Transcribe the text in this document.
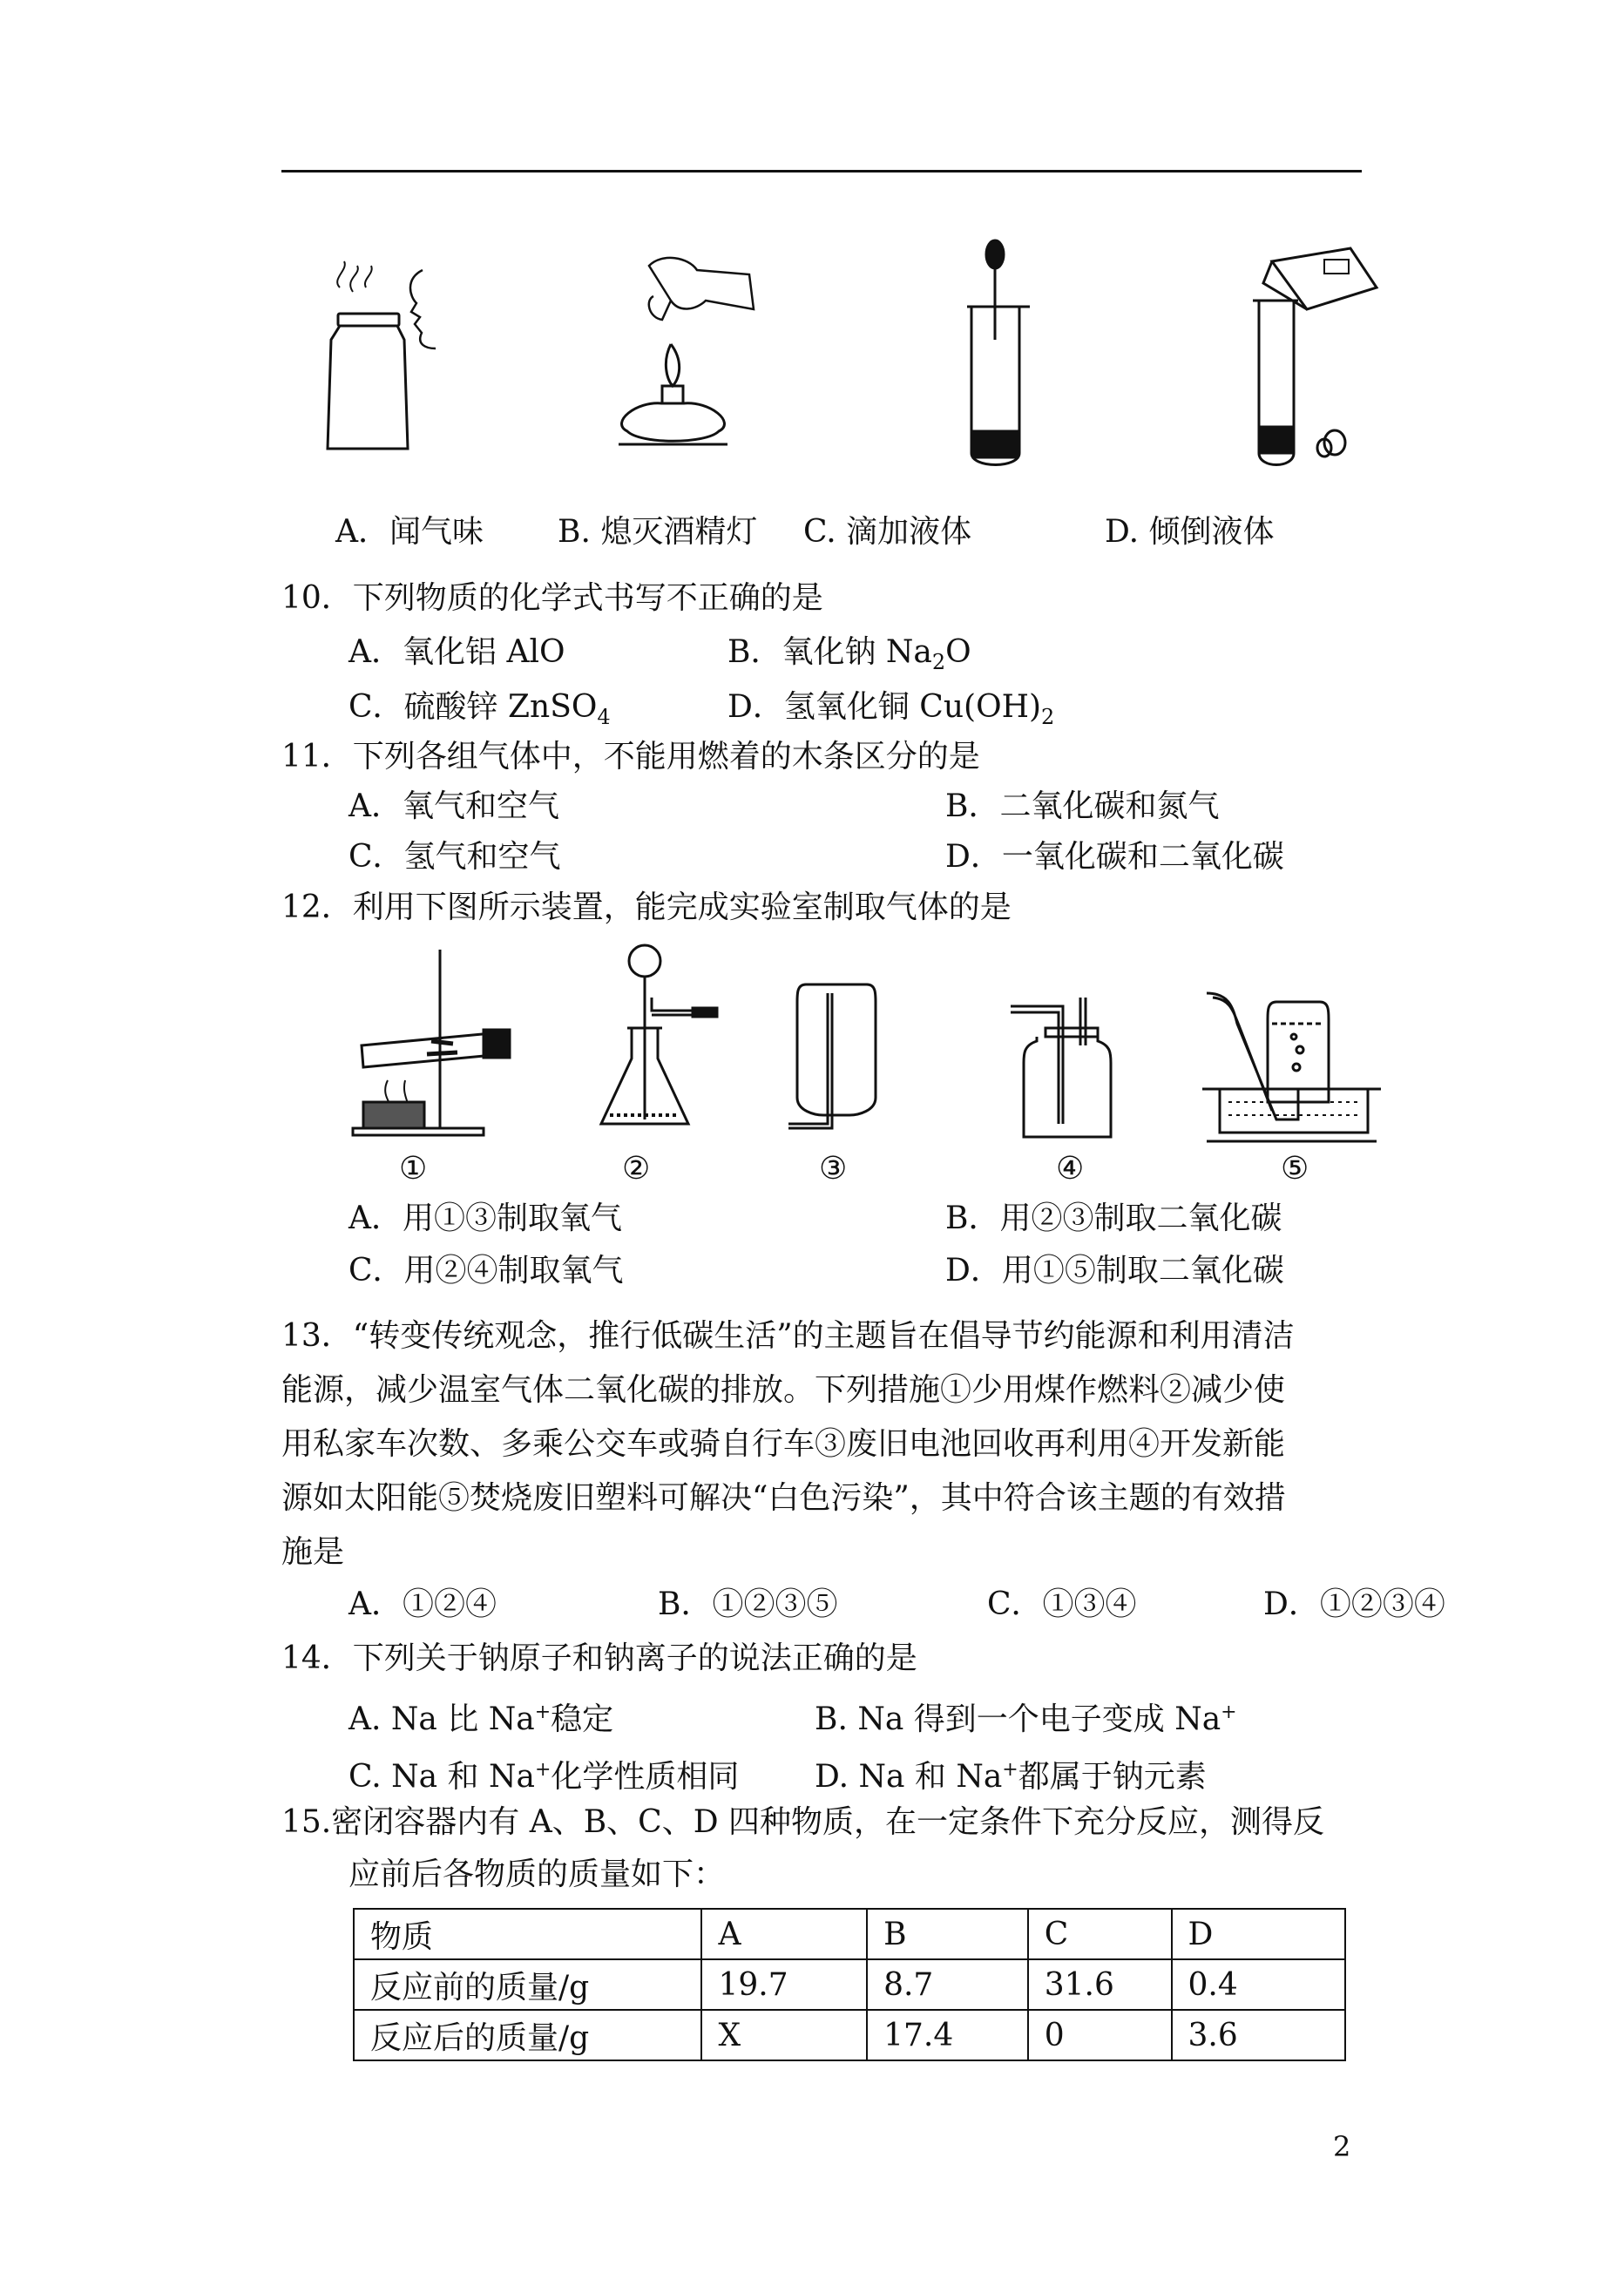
A．闻气味 B. 熄灭酒精灯 C. 滴加液体	D. 倾倒液体
10．下列物质的化学式书写不正确的是
A．氧化铝 AlO	B．氧化钠 $Na_2O$
C．硫酸锌 ZnSO$_4$	D．氢氧化铜 $Cu(OH)_2$
11．下列各组气体中，不能用燃着的木条区分的是
A．氧气和空气	B．二氧化碳和氮气
C．氢气和空气	D．一氧化碳和二氧化碳
12．利用下图所示装置，能完成实验室制取气体的是
①	②	③	④	⑤
A．用①③制取氧气	B．用②③制取二氧化碳
C．用②④制取氧气	D．用①⑤制取二氧化碳
13．“转变传统观念，推行低碳生活”的主题旨在倡导节约能源和利用清洁
能源，减少温室气体二氧化碳的排放。下列措施①少用煤作燃料②减少使
用私家车次数、多乘公交车或骑自行车③废旧电池回收再利用④开发新能
源如太阳能⑤焚烧废旧塑料可解决“白色污染”，其中符合该主题的有效措
施是
A．①②④	B．①②③⑤	C．①③④	D．①②③④
14．下列关于钠原子和钠离子的说法正确的是
A. Na 比 Na+稳定	B. Na 得到一个电子变成 Na+
C. Na 和 Na+化学性质相同 D. Na 和 Na+都属于钠元素
15.密闭容器内有 A、B、C、D 四种物质，在一定条件下充分反应，测得反
应前后各物质的质量如下：
物质	A	B	C	D
反应前的质量/g	19.7	8.7	31.6	0.4
反应后的质量/g	X	17.4	0	3.6
2
